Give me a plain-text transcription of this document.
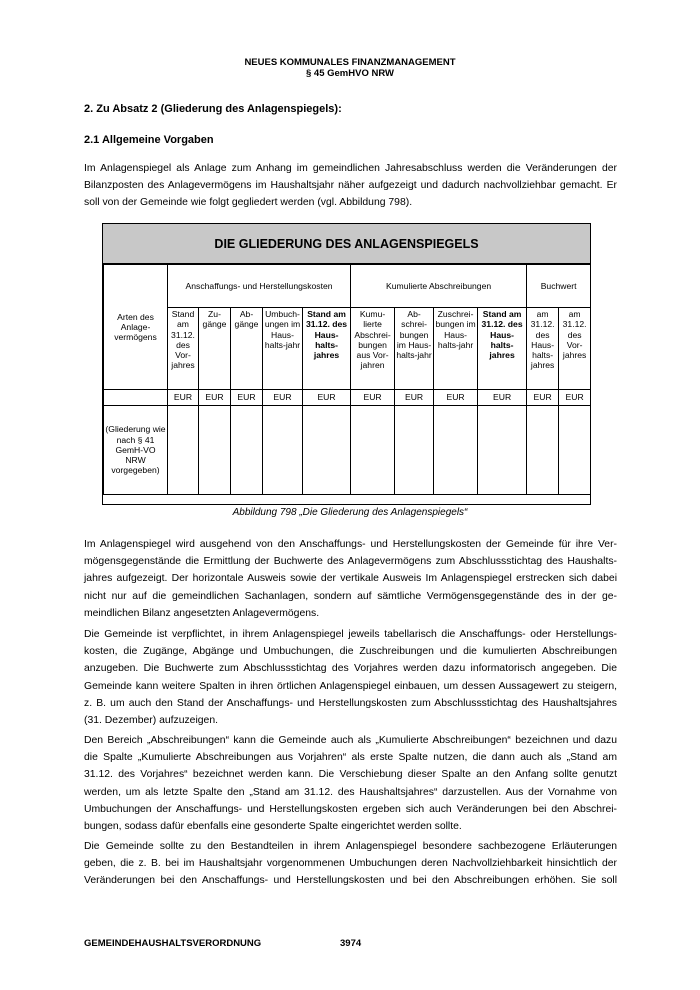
NEUES KOMMUNALES FINANZMANAGEMENT
§ 45 GemHVO NRW
2. Zu Absatz 2 (Gliederung des Anlagenspiegels):
2.1 Allgemeine Vorgaben
Im Anlagenspiegel als Anlage zum Anhang im gemeindlichen Jahresabschluss werden die Veränderungen der
Bilanzposten des Anlagevermögens im Haushaltsjahr näher aufgezeigt und dadurch nachvollziehbar gemacht. Er
soll von der Gemeinde wie folgt gegliedert werden (vgl. Abbildung 798).
DIE GLIEDERUNG DES ANLAGENSPIEGELS
Arten des Anlage-vermögens	Anschaffungs- und Herstellungskosten					Kumulierte Abschreibungen				Buchwert	
	Stand am 31.12. des Vor-jahres	Zu-gänge	Ab-gänge	Umbuch-ungen im Haus-halts-jahr	Stand am 31.12. des Haus-halts-jahres	Kumu-lierte Abschrei-bungen aus Vor-jahren	Ab-schrei-bungen im Haus-halts-jahr	Zuschrei-bungen im Haus-halts-jahr	Stand am 31.12. des Haus-halts-jahres	am 31.12. des Haus-halts-jahres	am 31.12. des Vor-jahres
	EUR	EUR	EUR	EUR	EUR	EUR	EUR	EUR	EUR	EUR	EUR
(Gliederung wie nach § 41 GemH-VO NRW vorgegeben)											
Abbildung 798 „Die Gliederung des Anlagenspiegels“
Im Anlagenspiegel wird ausgehend von den Anschaffungs- und Herstellungskosten der Gemeinde für ihre Ver-
mögensgegenstände die Ermittlung der Buchwerte des Anlagevermögens zum Abschlussstichtag des Haushalts-
jahres aufgezeigt. Der horizontale Ausweis sowie der vertikale Ausweis Im Anlagenspiegel erstrecken sich dabei
nicht nur auf die gemeindlichen Sachanlagen, sondern auf sämtliche Vermögensgegenstände des in der ge-
meindlichen Bilanz angesetzten Anlagevermögens.
Die Gemeinde ist verpflichtet, in ihrem Anlagenspiegel jeweils tabellarisch die Anschaffungs- oder Herstellungs-
kosten, die Zugänge, Abgänge und Umbuchungen, die Zuschreibungen und die kumulierten Abschreibungen
anzugeben. Die Buchwerte zum Abschlussstichtag des Vorjahres werden dazu informatorisch angegeben. Die
Gemeinde kann weitere Spalten in ihren örtlichen Anlagenspiegel einbauen, um dessen Aussagewert zu steigern,
z. B. um auch den Stand der Anschaffungs- und Herstellungskosten zum Abschlussstichtag des Haushaltsjahres
(31. Dezember) aufzuzeigen.
Den Bereich „Abschreibungen“ kann die Gemeinde auch als „Kumulierte Abschreibungen“ bezeichnen und dazu
die Spalte „Kumulierte Abschreibungen aus Vorjahren“ als erste Spalte nutzen, die dann auch als „Stand am
31.12. des Vorjahres“ bezeichnet werden kann. Die Verschiebung dieser Spalte an den Anfang sollte genutzt
werden, um als letzte Spalte den „Stand am 31.12. des Haushaltsjahres“ darzustellen. Aus der Vornahme von
Umbuchungen der Anschaffungs- und Herstellungskosten ergeben sich auch Veränderungen bei den Abschrei-
bungen, sodass dafür ebenfalls eine gesonderte Spalte eingerichtet werden sollte.
Die Gemeinde sollte zu den Bestandteilen in ihrem Anlagenspiegel besondere sachbezogene Erläuterungen
geben, die z. B. bei im Haushaltsjahr vorgenommenen Umbuchungen deren Nachvollziehbarkeit hinsichtlich der
Veränderungen bei den Anschaffungs- und Herstellungskosten und bei den Abschreibungen erhöhen. Sie soll
GEMEINDEHAUSHALTSVERORDNUNG	3974
